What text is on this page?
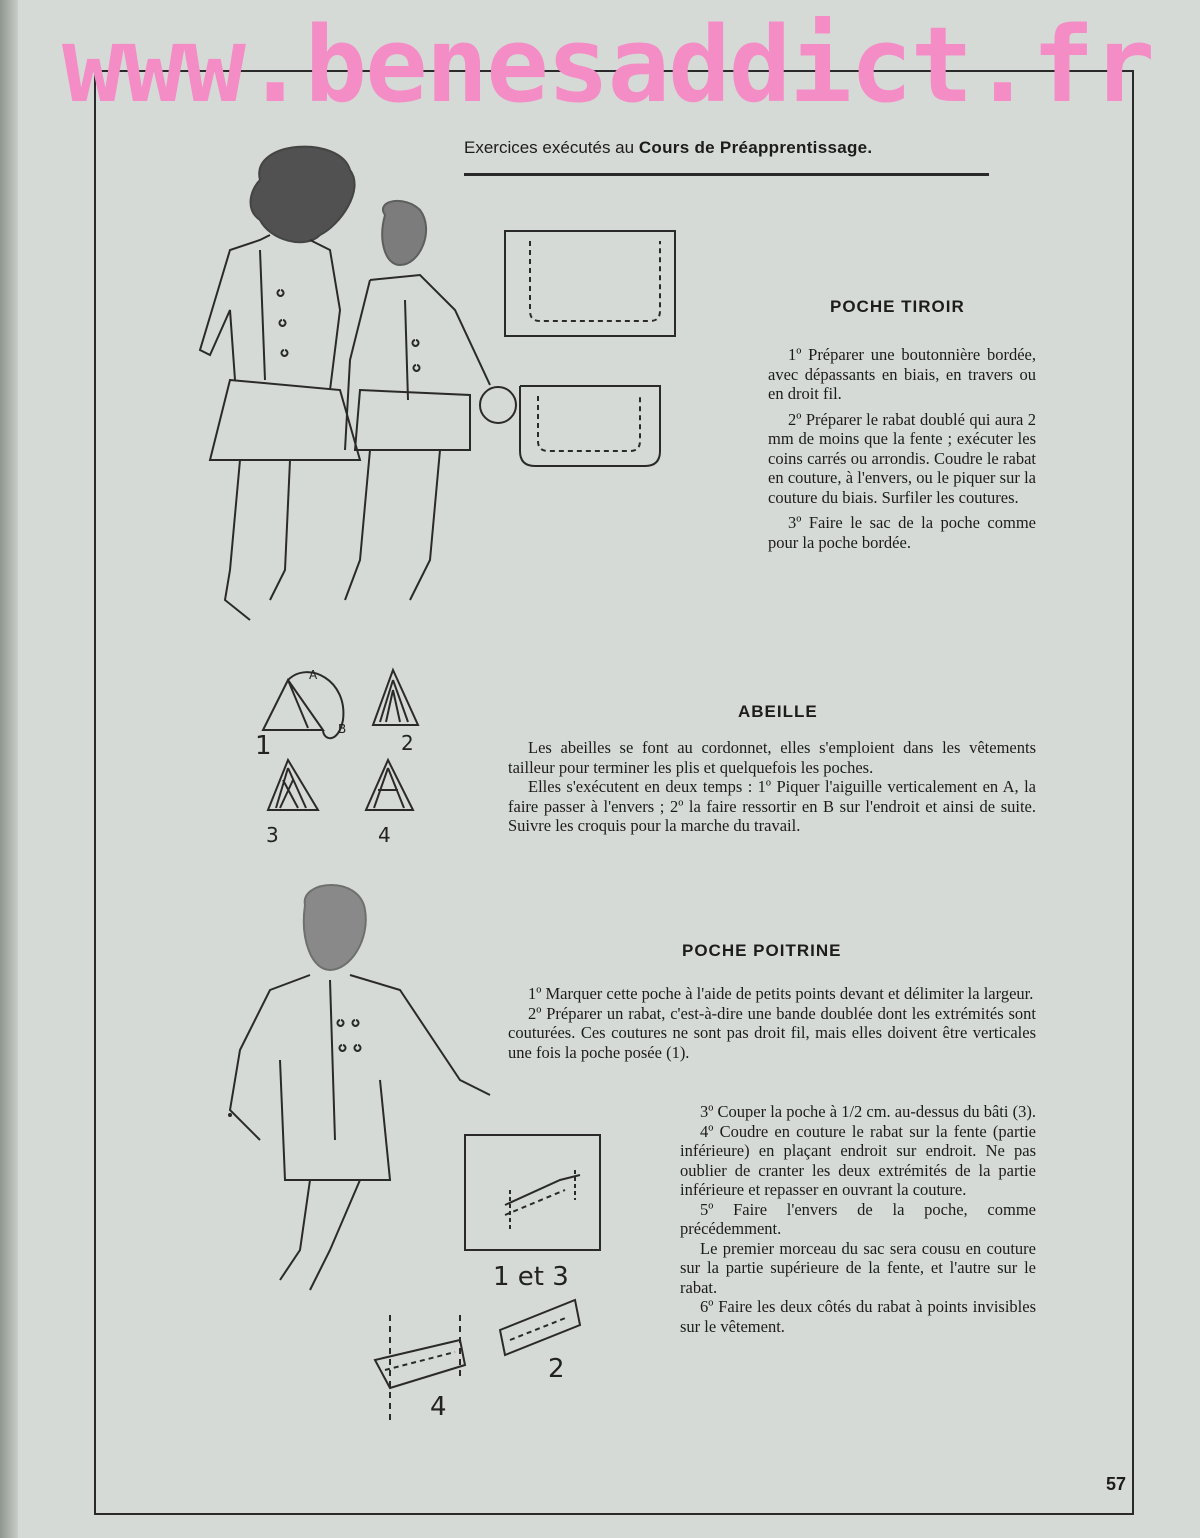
www.benesaddict.fr
Exercices exécutés au Cours de Préapprentissage.
POCHE TIROIR

1º Préparer une boutonnière bordée, avec dépassants en biais, en travers ou en droit fil.

2º Préparer le rabat doublé qui aura 2 mm de moins que la fente ; exécuter les coins carrés ou arrondis. Coudre le rabat en couture, à l'envers, ou le piquer sur la couture du biais. Surfiler les coutures.

3º Faire le sac de la poche comme pour la poche bordée.

1	2
3	4
A
B
ABEILLE

Les abeilles se font au cordonnet, elles s'emploient dans les vêtements tailleur pour terminer les plis et quelquefois les poches.

Elles s'exécutent en deux temps : 1º Piquer l'aiguille verticalement en A, la faire passer à l'envers ; 2º la faire ressortir en B sur l'endroit et ainsi de suite. Suivre les croquis pour la marche du travail.

1 et 3
2
4
POCHE POITRINE

1º Marquer cette poche à l'aide de petits points devant et délimiter la largeur.

2º Préparer un rabat, c'est-à-dire une bande doublée dont les extrémités sont couturées. Ces coutures ne sont pas droit fil, mais elles doivent être verticales une fois la poche posée (1).

3º Couper la poche à 1/2 cm. au-dessus du bâti (3).

4º Coudre en couture le rabat sur la fente (partie inférieure) en plaçant endroit sur endroit. Ne pas oublier de cranter les deux extrémités de la partie inférieure et repasser en ouvrant la couture.

5º Faire l'envers de la poche, comme précédemment.

Le premier morceau du sac sera cousu en couture sur la partie supérieure de la fente, et l'autre sur le rabat.

6º Faire les deux côtés du rabat à points invisibles sur le vêtement.

57
